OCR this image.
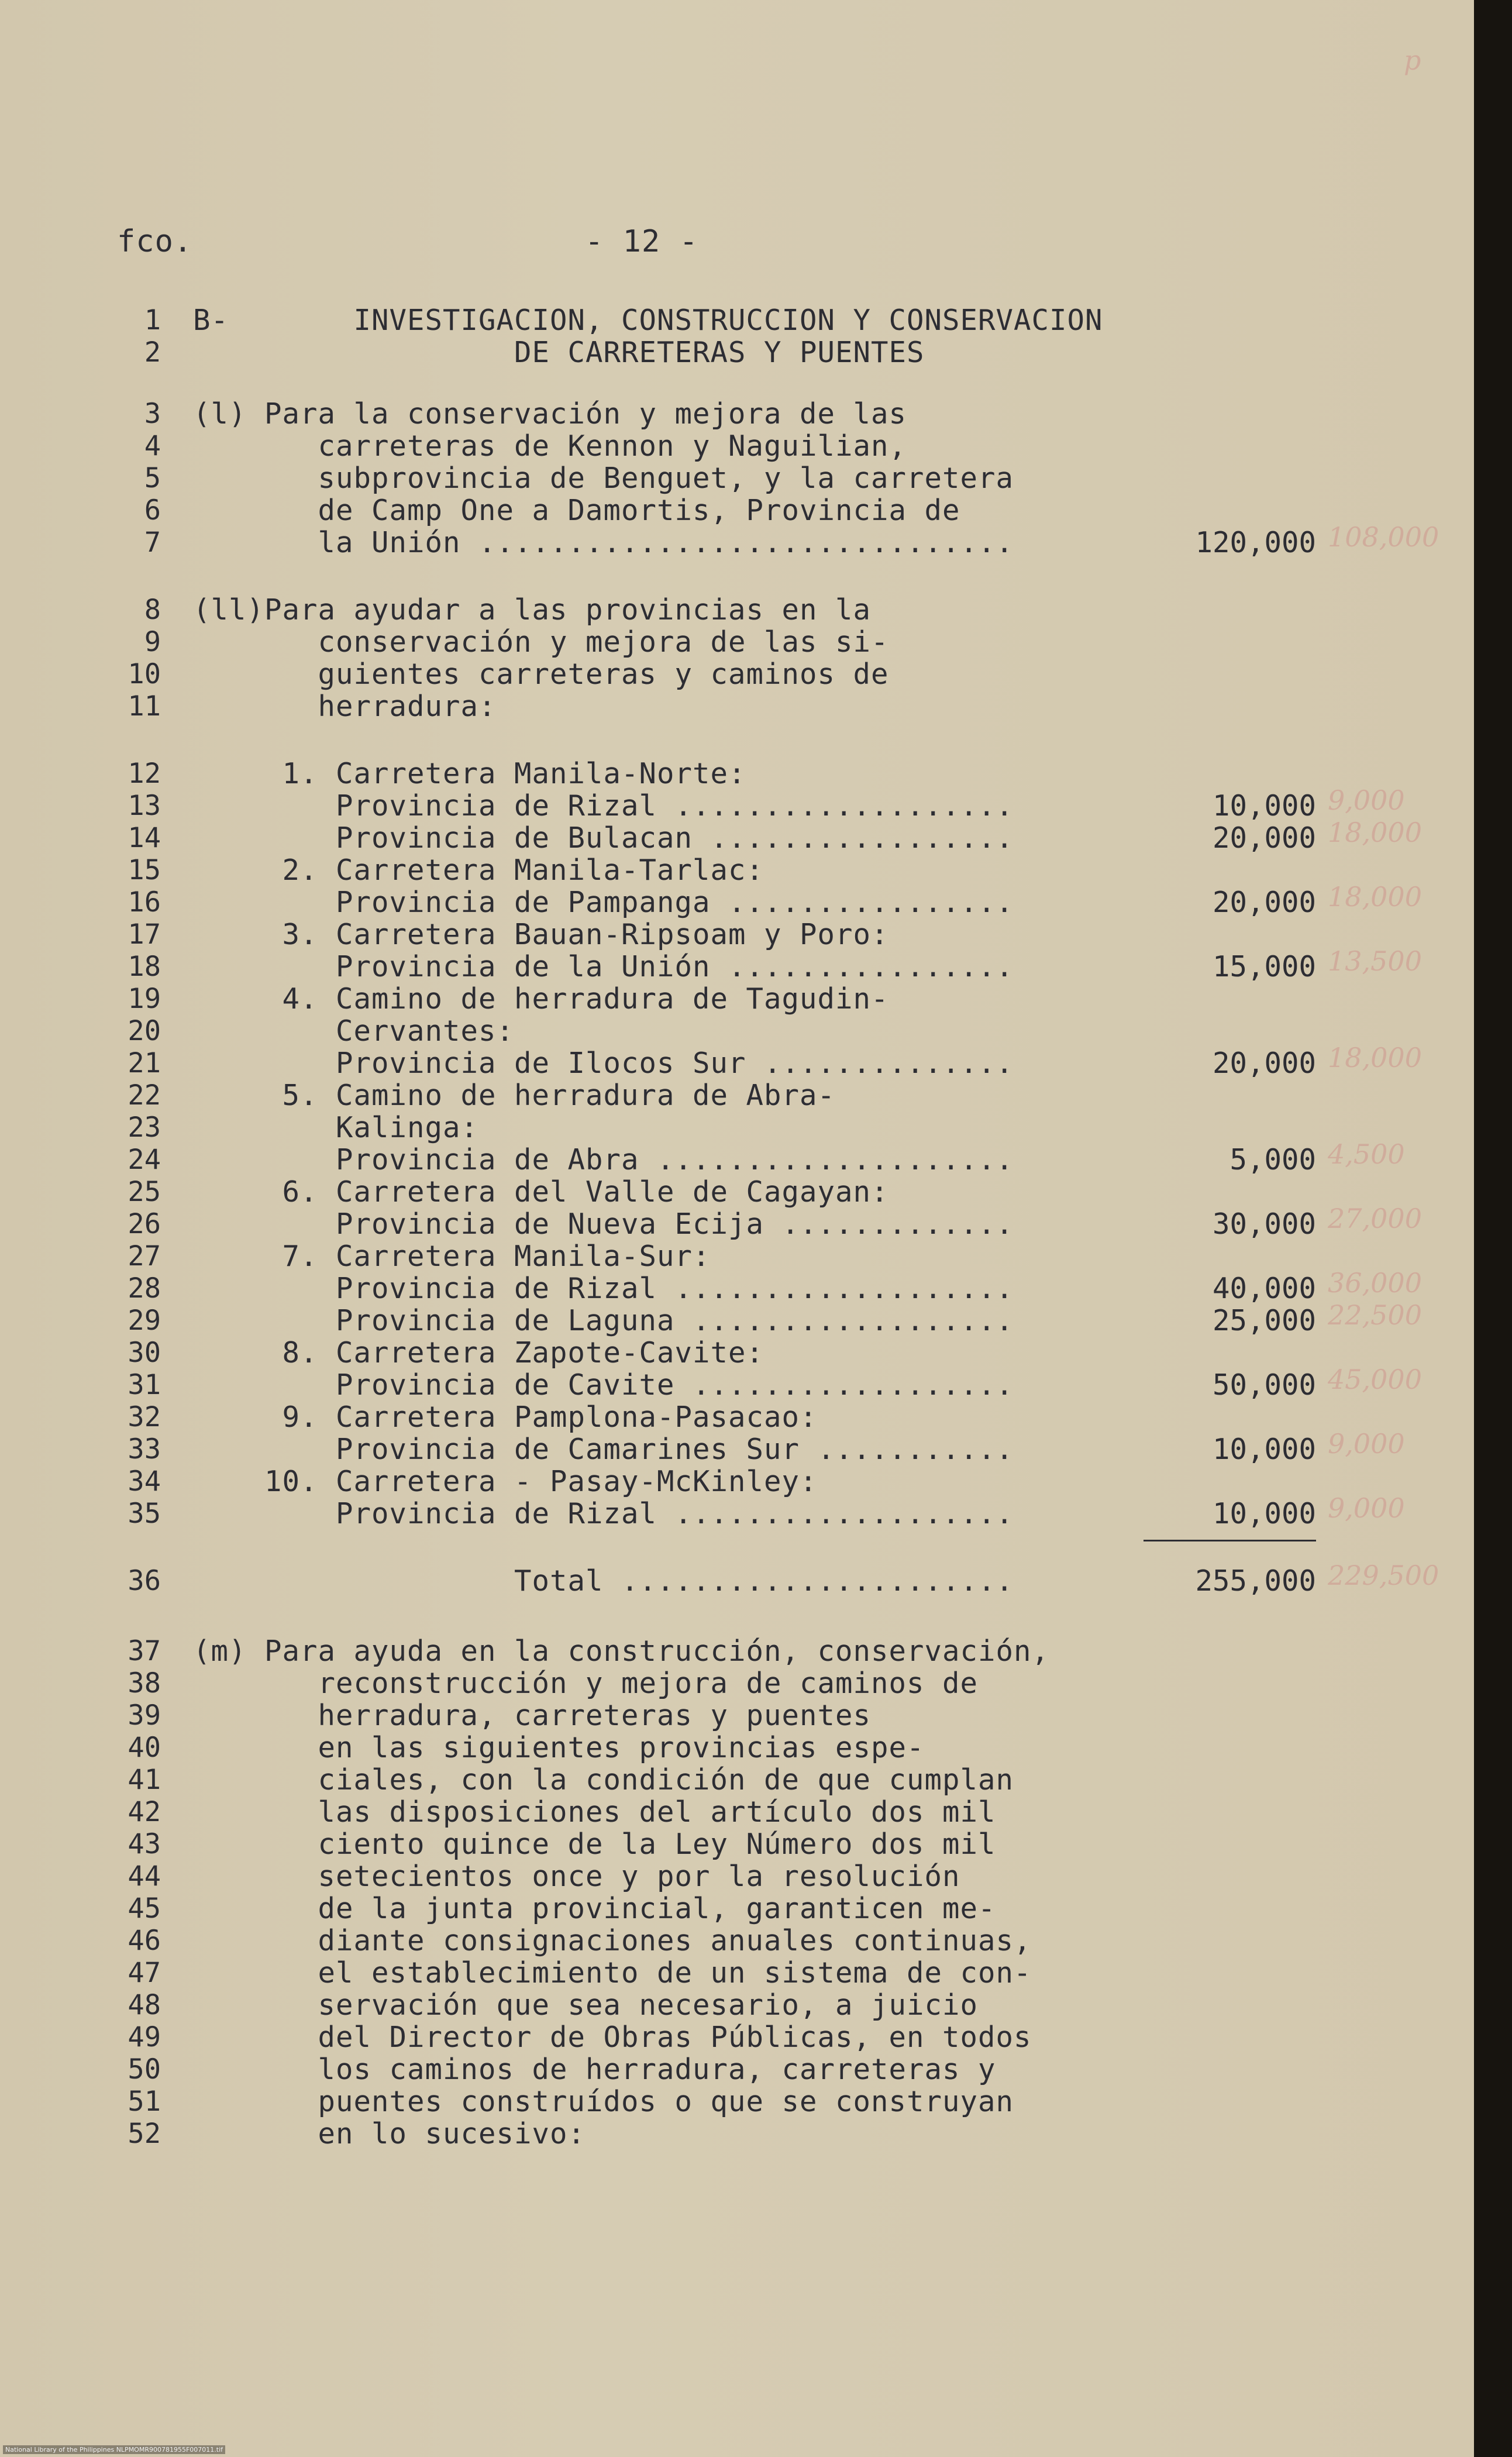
fco.	- 12 -
p
1 B-       INVESTIGACION, CONSTRUCCION Y CONSERVACION
2 DE CARRETERAS Y PUENTES
3 (l) Para la conservación y mejora de las
4 carreteras de Kennon y Naguilian,
5 subprovincia de Benguet, y la carretera
6 de Camp One a Damortis, Provincia de
7 la Unión ..............................	120,000 108,000
8 (ll)Para ayudar a las provincias en la
9 conservación y mejora de las si-
10 guientes carreteras y caminos de
11 herradura:
12 1. Carretera Manila-Norte:
13 Provincia de Rizal ...................	10,000 9,000
14 Provincia de Bulacan .................	20,000 18,000
15 2. Carretera Manila-Tarlac:
16 Provincia de Pampanga ................	20,000 18,000
17 3. Carretera Bauan-Ripsoam y Poro:
18 Provincia de la Unión ................	15,000 13,500
19 4. Camino de herradura de Tagudin-
20 Cervantes:
21 Provincia de Ilocos Sur ..............	20,000 18,000
22 5. Camino de herradura de Abra-
23 Kalinga:
24 Provincia de Abra ....................	5,000 4,500
25 6. Carretera del Valle de Cagayan:
26 Provincia de Nueva Ecija .............	30,000 27,000
27 7. Carretera Manila-Sur:
28 Provincia de Rizal ...................	40,000 36,000
29 Provincia de Laguna ..................	25,000 22,500
30 8. Carretera Zapote-Cavite:
31 Provincia de Cavite ..................	50,000 45,000
32 9. Carretera Pamplona-Pasacao:
33 Provincia de Camarines Sur ...........	10,000 9,000
34 10. Carretera - Pasay-McKinley:
35 Provincia de Rizal ...................	10,000 9,000
36 Total ......................	255,000 229,500
37 (m) Para ayuda en la construcción, conservación,
38 reconstrucción y mejora de caminos de
39 herradura, carreteras y puentes
40 en las siguientes provincias espe-
41 ciales, con la condición de que cumplan
42 las disposiciones del artículo dos mil
43 ciento quince de la Ley Número dos mil
44 setecientos once y por la resolución
45 de la junta provincial, garanticen me-
46 diante consignaciones anuales continuas,
47 el establecimiento de un sistema de con-
48 servación que sea necesario, a juicio
49 del Director de Obras Públicas, en todos
50 los caminos de herradura, carreteras y
51 puentes construídos o que se construyan
52 en lo sucesivo:
National Library of the Philippines NLPMOMR900781955F007011.tif
